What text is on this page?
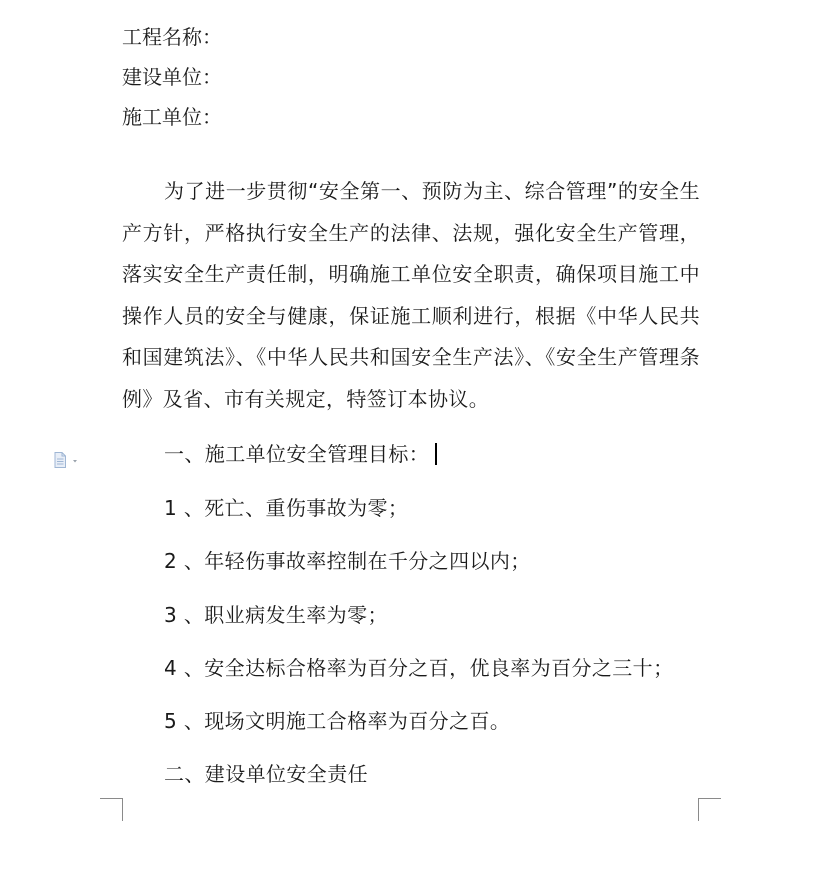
工程名称：
建设单位：
施工单位：
为了进一步贯彻“安全第一、预防为主、综合管理”的安全生产方针，严格执行安全生产的法律、法规，强化安全生产管理，落实安全生产责任制，明确施工单位安全职责，确保项目施工中操作人员的安全与健康，保证施工顺利进行，根据《中华人民共和国建筑法》、《中华人民共和国安全生产法》、《安全生产管理条例》及省、市有关规定，特签订本协议。
一、施工单位安全管理目标：
1 、死亡、重伤事故为零；
2 、年轻伤事故率控制在千分之四以内；
3 、职业病发生率为零；
4 、安全达标合格率为百分之百，优良率为百分之三十；
5 、现场文明施工合格率为百分之百。
二、建设单位安全责任
